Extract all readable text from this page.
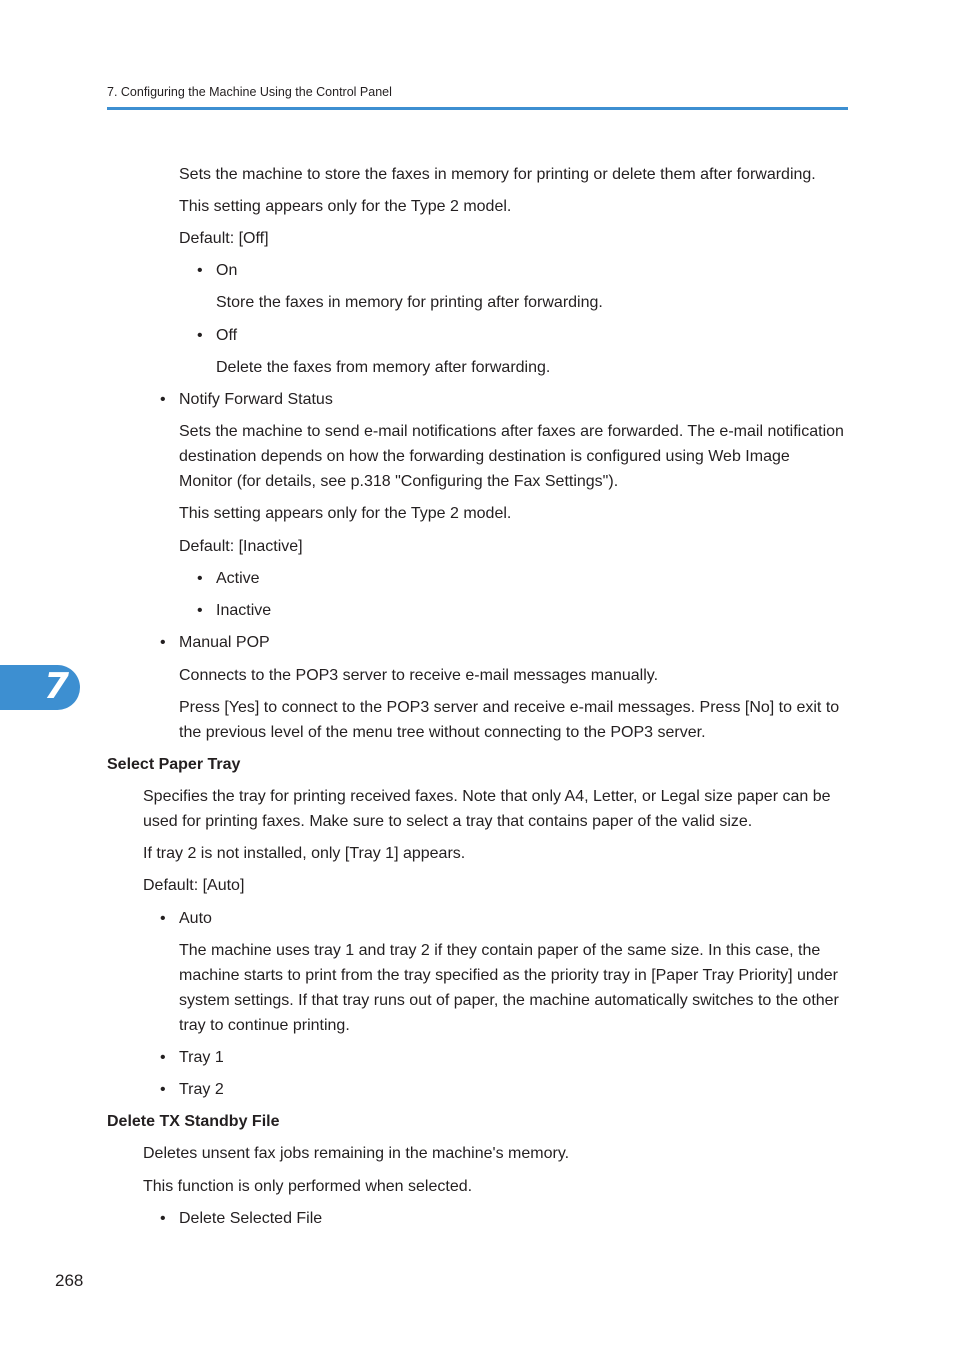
7. Configuring the Machine Using the Control Panel
7
Sets the machine to store the faxes in memory for printing or delete them after forwarding.
This setting appears only for the Type 2 model.
Default: [Off]
• On
Store the faxes in memory for printing after forwarding.
• Off
Delete the faxes from memory after forwarding.
• Notify Forward Status
Sets the machine to send e-mail notifications after faxes are forwarded. The e-mail notification
destination depends on how the forwarding destination is configured using Web Image
Monitor (for details, see p.318 "Configuring the Fax Settings").
This setting appears only for the Type 2 model.
Default: [Inactive]
• Active
• Inactive
• Manual POP
Connects to the POP3 server to receive e-mail messages manually.
Press [Yes] to connect to the POP3 server and receive e-mail messages. Press [No] to exit to
the previous level of the menu tree without connecting to the POP3 server.
Select Paper Tray
Specifies the tray for printing received faxes. Note that only A4, Letter, or Legal size paper can be
used for printing faxes. Make sure to select a tray that contains paper of the valid size.
If tray 2 is not installed, only [Tray 1] appears.
Default: [Auto]
• Auto
The machine uses tray 1 and tray 2 if they contain paper of the same size. In this case, the
machine starts to print from the tray specified as the priority tray in [Paper Tray Priority] under
system settings. If that tray runs out of paper, the machine automatically switches to the other
tray to continue printing.
• Tray 1
• Tray 2
Delete TX Standby File
Deletes unsent fax jobs remaining in the machine's memory.
This function is only performed when selected.
• Delete Selected File
268
